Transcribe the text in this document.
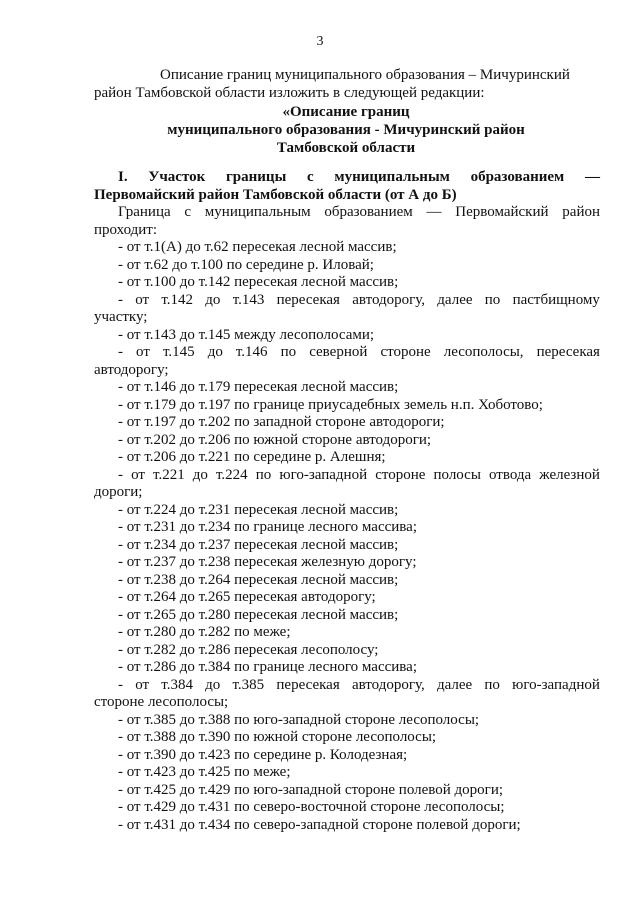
3
Описание границ муниципального образования – Мичуринский
район Тамбовской области изложить в следующей редакции:
«Описание границ
муниципального образования - Мичуринский район
Тамбовской области
I. Участок границы с муниципальным образованием —
Первомайский район Тамбовской области (от А до Б)
Граница с муниципальным образованием — Первомайский район
проходит:
- от т.1(А) до т.62 пересекая лесной массив;
- от т.62 до т.100 по середине р. Иловай;
- от т.100 до т.142 пересекая лесной массив;
- от т.142 до т.143 пересекая автодорогу, далее по пастбищному
участку;
- от т.143 до т.145 между лесополосами;
- от т.145 до т.146 по северной стороне лесополосы, пересекая
автодорогу;
- от т.146 до т.179 пересекая лесной массив;
- от т.179 до т.197 по границе приусадебных земель н.п. Хоботово;
- от т.197 до т.202 по западной стороне автодороги;
- от т.202 до т.206 по южной стороне автодороги;
- от т.206 до т.221 по середине р. Алешня;
- от т.221 до т.224 по юго-западной стороне полосы отвода железной
дороги;
- от т.224 до т.231 пересекая лесной массив;
- от т.231 до т.234 по границе лесного массива;
- от т.234 до т.237 пересекая лесной массив;
- от т.237 до т.238 пересекая железную дорогу;
- от т.238 до т.264 пересекая лесной массив;
- от т.264 до т.265 пересекая автодорогу;
- от т.265 до т.280 пересекая лесной массив;
- от т.280 до т.282 по меже;
- от т.282 до т.286 пересекая лесополосу;
- от т.286 до т.384 по границе лесного массива;
- от т.384 до т.385 пересекая автодорогу, далее по юго-западной
стороне лесополосы;
- от т.385 до т.388 по юго-западной стороне лесополосы;
- от т.388 до т.390 по южной стороне лесополосы;
- от т.390 до т.423 по середине р. Колодезная;
- от т.423 до т.425 по меже;
- от т.425 до т.429 по юго-западной стороне полевой дороги;
- от т.429 до т.431 по северо-восточной стороне лесополосы;
- от т.431 до т.434 по северо-западной стороне полевой дороги;
